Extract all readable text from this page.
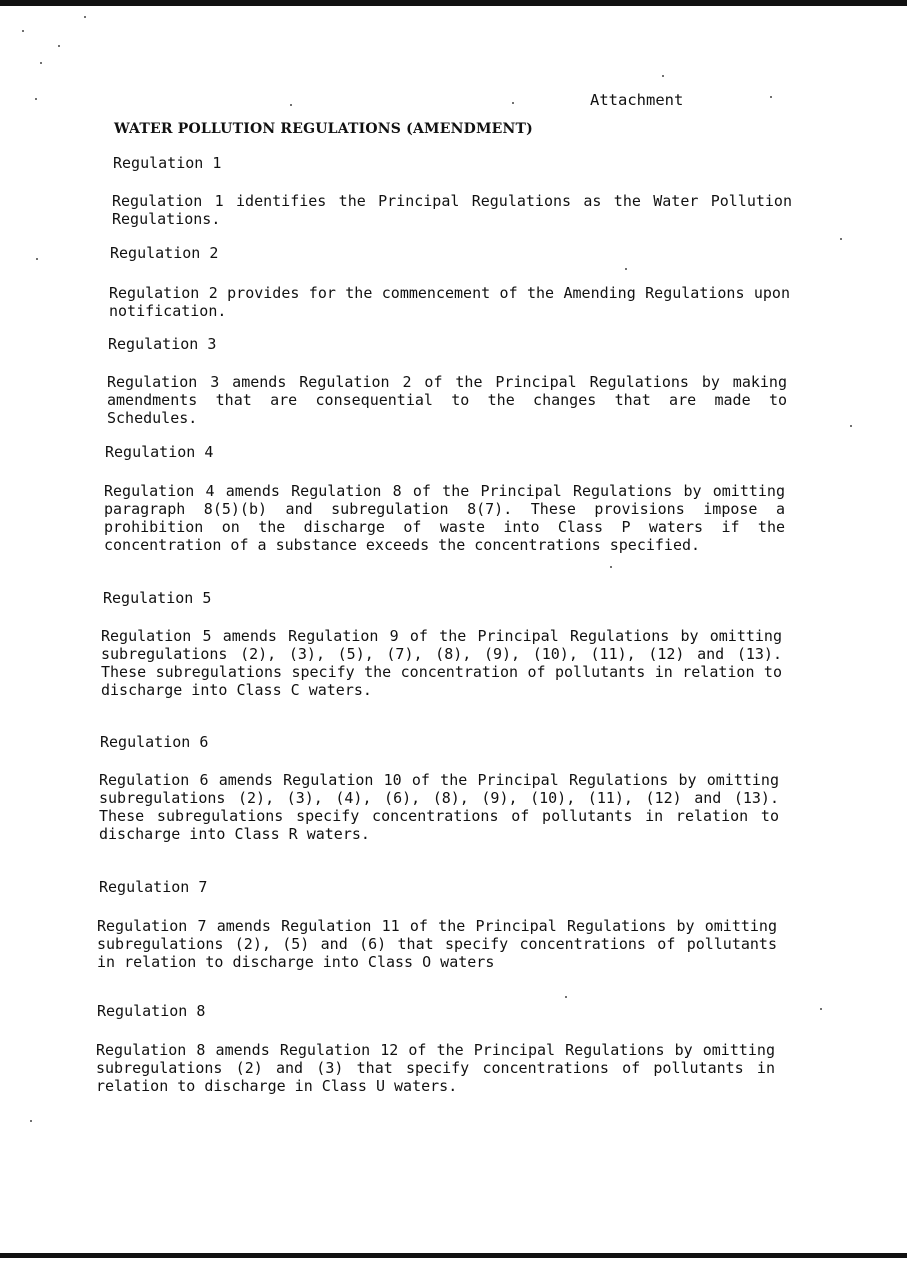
Attachment
WATER POLLUTION REGULATIONS (AMENDMENT)
Regulation 1
Regulation 1 identifies the Principal Regulations as the Water Pollution Regulations.
Regulation 2
Regulation 2 provides for the commencement of the Amending Regulations upon notification.
Regulation 3
Regulation 3 amends Regulation 2 of the Principal Regulations by making amendments that are consequential to the changes that are made to Schedules.
Regulation 4
Regulation 4 amends Regulation 8 of the Principal Regulations by omitting paragraph 8(5)(b) and subregulation 8(7). These provisions impose a prohibition on the discharge of waste into Class P waters if the concentration of a substance exceeds the concentrations specified.
Regulation 5
Regulation 5 amends Regulation 9 of the Principal Regulations by omitting subregulations (2), (3), (5), (7), (8), (9), (10), (11), (12) and (13). These subregulations specify the concentration of pollutants in relation to discharge into Class C waters.
Regulation 6
Regulation 6 amends Regulation 10 of the Principal Regulations by omitting subregulations (2), (3), (4), (6), (8), (9), (10), (11), (12) and (13). These subregulations specify concentrations of pollutants in relation to discharge into Class R waters.
Regulation 7
Regulation 7 amends Regulation 11 of the Principal Regulations by omitting subregulations (2), (5) and (6) that specify concentrations of pollutants in relation to discharge into Class O waters
Regulation 8
Regulation 8 amends Regulation 12 of the Principal Regulations by omitting subregulations (2) and (3) that specify concentrations of pollutants in relation to discharge in Class U waters.
